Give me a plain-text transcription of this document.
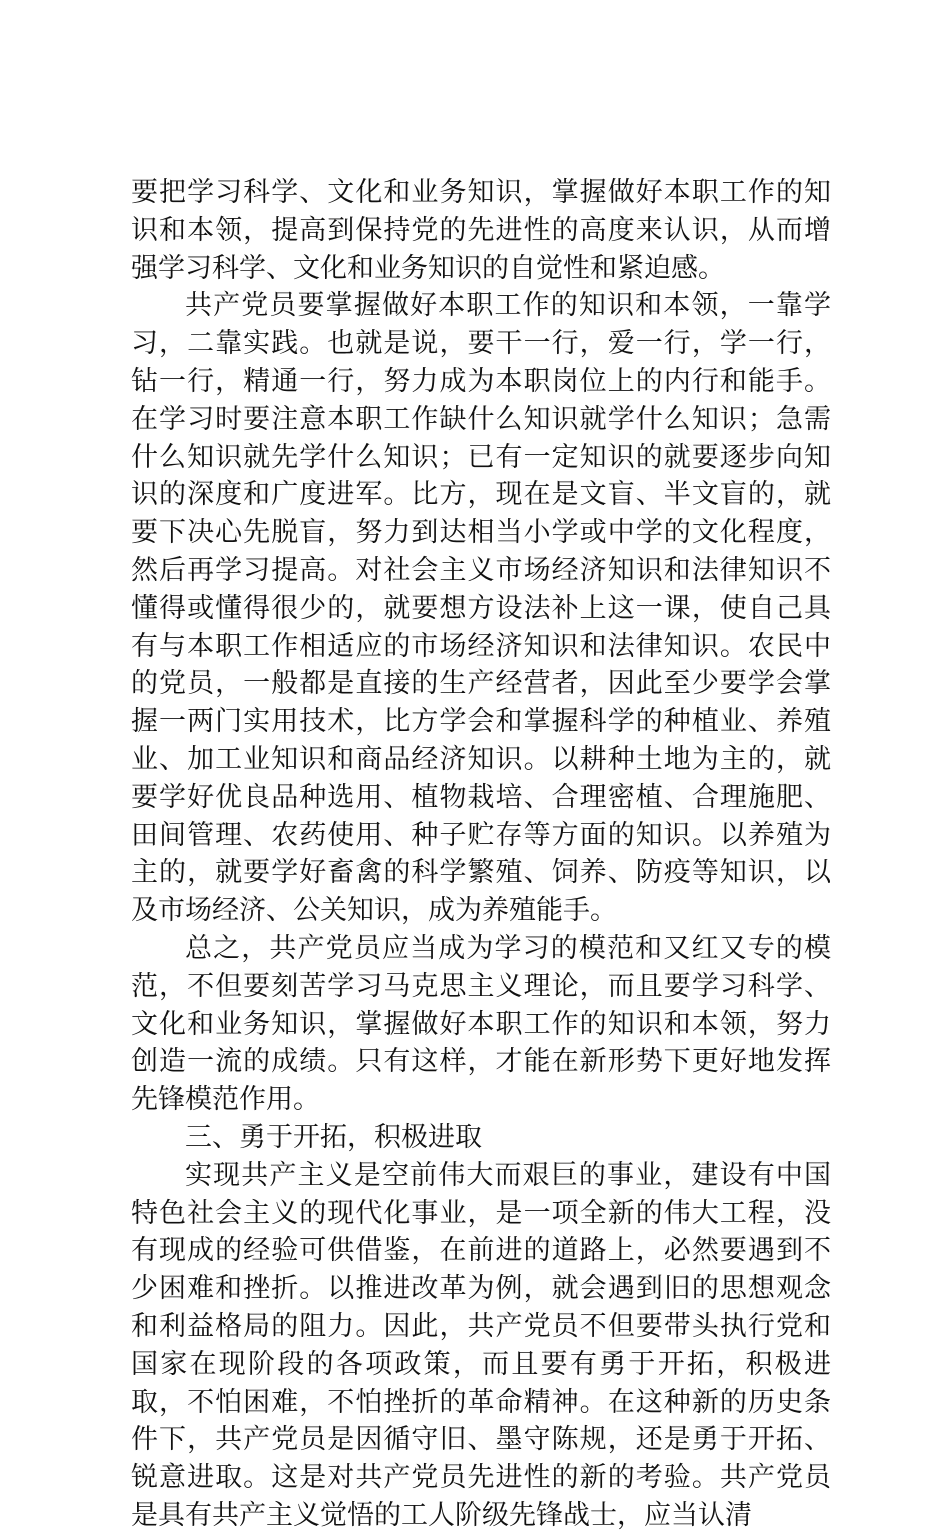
要把学习科学、文化和业务知识，掌握做好本职工作的知识和本领，提高到保持党的先进性的高度来认识，从而增强学习科学、文化和业务知识的自觉性和紧迫感。

共产党员要掌握做好本职工作的知识和本领，一靠学习，二靠实践。也就是说，要干一行，爱一行，学一行，钻一行，精通一行，努力成为本职岗位上的内行和能手。在学习时要注意本职工作缺什么知识就学什么知识；急需什么知识就先学什么知识；已有一定知识的就要逐步向知识的深度和广度进军。比方，现在是文盲、半文盲的，就要下决心先脱盲，努力到达相当小学或中学的文化程度，然后再学习提高。对社会主义市场经济知识和法律知识不懂得或懂得很少的，就要想方设法补上这一课，使自己具有与本职工作相适应的市场经济知识和法律知识。农民中的党员，一般都是直接的生产经营者，因此至少要学会掌握一两门实用技术，比方学会和掌握科学的种植业、养殖业、加工业知识和商品经济知识。以耕种土地为主的，就要学好优良品种选用、植物栽培、合理密植、合理施肥、田间管理、农药使用、种子贮存等方面的知识。以养殖为主的，就要学好畜禽的科学繁殖、饲养、防疫等知识，以及市场经济、公关知识，成为养殖能手。

总之，共产党员应当成为学习的模范和又红又专的模范，不但要刻苦学习马克思主义理论，而且要学习科学、文化和业务知识，掌握做好本职工作的知识和本领，努力创造一流的成绩。只有这样，才能在新形势下更好地发挥先锋模范作用。

三、勇于开拓，积极进取

实现共产主义是空前伟大而艰巨的事业，建设有中国特色社会主义的现代化事业，是一项全新的伟大工程，没有现成的经验可供借鉴，在前进的道路上，必然要遇到不少困难和挫折。以推进改革为例，就会遇到旧的思想观念和利益格局的阻力。因此，共产党员不但要带头执行党和国家在现阶段的各项政策，而且要有勇于开拓，积极进取，不怕困难，不怕挫折的革命精神。在这种新的历史条件下，共产党员是因循守旧、墨守陈规，还是勇于开拓、锐意进取。这是对共产党员先进性的新的考验。共产党员是具有共产主义觉悟的工人阶级先锋战士，应当认清
